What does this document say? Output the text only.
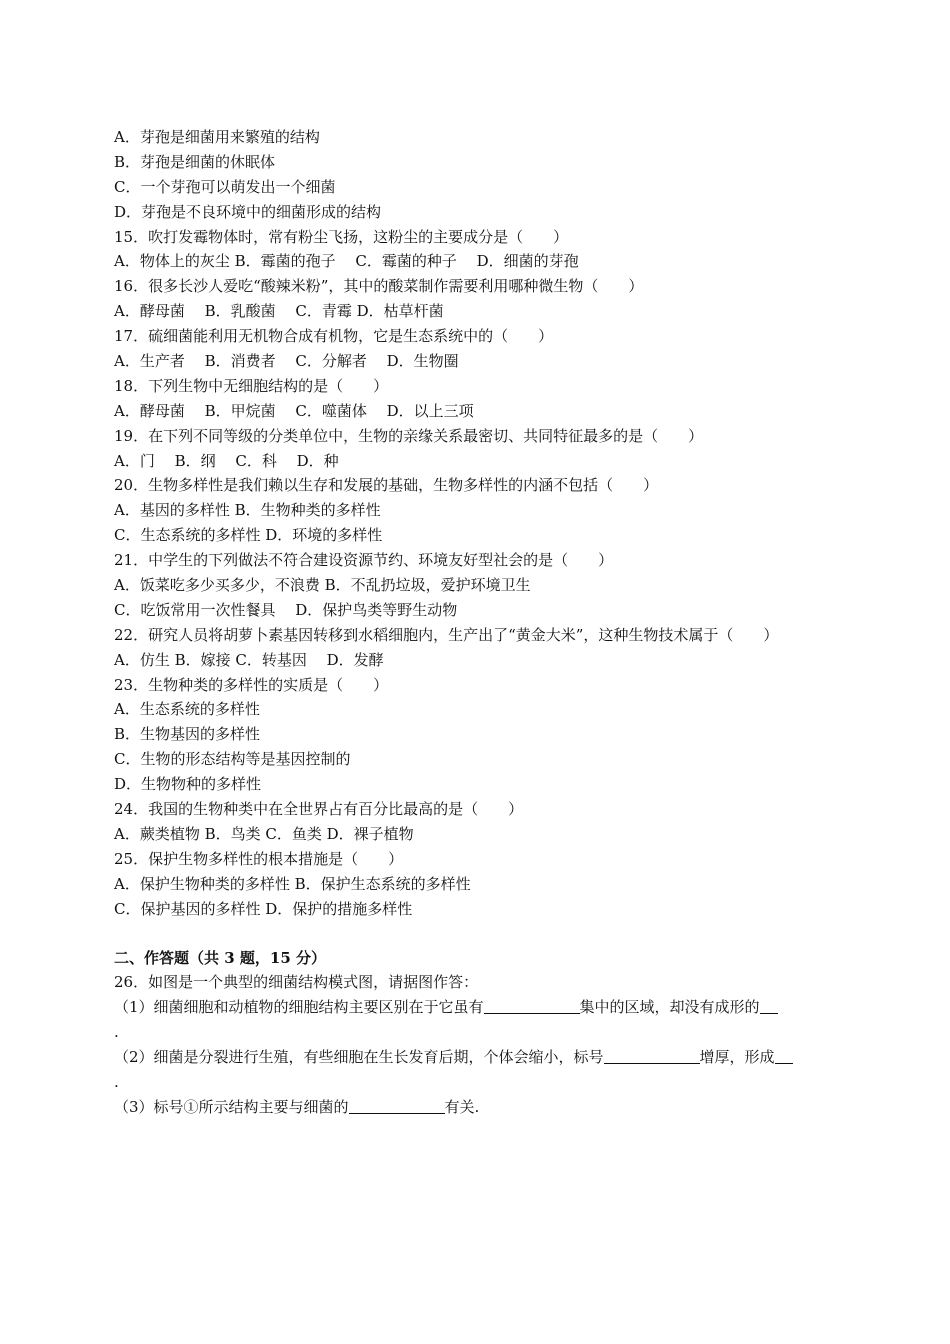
A．芽孢是细菌用来繁殖的结构
B．芽孢是细菌的休眠体
C．一个芽孢可以萌发出一个细菌
D．芽孢是不良环境中的细菌形成的结构
15．吹打发霉物体时，常有粉尘飞扬，这粉尘的主要成分是（　　）
A．物体上的灰尘 B．霉菌的孢子　 C．霉菌的种子　 D．细菌的芽孢
16．很多长沙人爱吃“酸辣米粉”，其中的酸菜制作需要利用哪种微生物（　　）
A．酵母菌　 B．乳酸菌　 C．青霉 D．枯草杆菌
17．硫细菌能利用无机物合成有机物，它是生态系统中的（　　）
A．生产者　 B．消费者　 C．分解者　 D．生物圈
18．下列生物中无细胞结构的是（　　）
A．酵母菌　 B．甲烷菌　 C．噬菌体　 D．以上三项
19．在下列不同等级的分类单位中，生物的亲缘关系最密切、共同特征最多的是（　　）
A．门　 B．纲　 C．科　 D．种
20．生物多样性是我们赖以生存和发展的基础，生物多样性的内涵不包括（　　）
A．基因的多样性 B．生物种类的多样性
C．生态系统的多样性 D．环境的多样性
21．中学生的下列做法不符合建设资源节约、环境友好型社会的是（　　）
A．饭菜吃多少买多少，不浪费 B．不乱扔垃圾，爱护环境卫生
C．吃饭常用一次性餐具　 D．保护鸟类等野生动物
22．研究人员将胡萝卜素基因转移到水稻细胞内，生产出了“黄金大米”，这种生物技术属于（　　）
A．仿生 B．嫁接 C．转基因　 D．发酵
23．生物种类的多样性的实质是（　　）
A．生态系统的多样性
B．生物基因的多样性
C．生物的形态结构等是基因控制的
D．生物物种的多样性
24．我国的生物种类中在全世界占有百分比最高的是（　　）
A．蕨类植物 B．鸟类 C．鱼类 D．裸子植物
25．保护生物多样性的根本措施是（　　）
A．保护生物种类的多样性 B．保护生态系统的多样性
C．保护基因的多样性 D．保护的措施多样性
二、作答题（共 3 题，15 分）
26．如图是一个典型的细菌结构模式图，请据图作答：
（1）细菌细胞和动植物的细胞结构主要区别在于它虽有	集中的区域，却没有成形的
.
（2）细菌是分裂进行生殖，有些细胞在生长发育后期，个体会缩小，标号	增厚，形成
.
（3）标号①所示结构主要与细菌的	有关.
